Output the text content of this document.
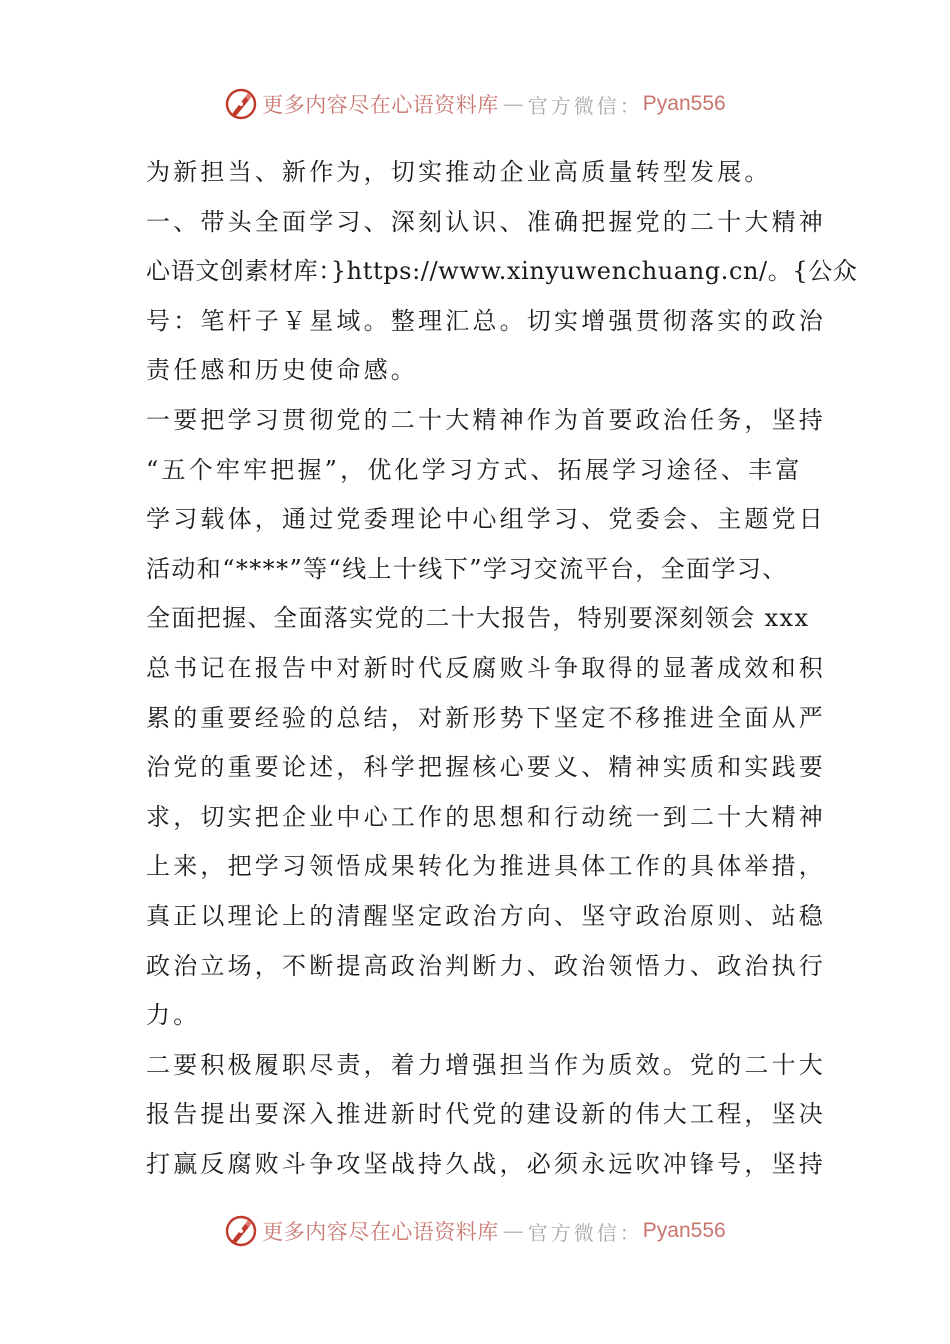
更多内容尽在心语资料库 — 官方微信： Pyan556
为新担当、新作为，切实推动企业高质量转型发展。
一、带头全面学习、深刻认识、准确把握党的二十大精神
心语文创素材库：}https://www.xinyuwenchuang.cn/。{公众
号：笔杆子￥星域。整理汇总。切实增强贯彻落实的政治
责任感和历史使命感。
一要把学习贯彻党的二十大精神作为首要政治任务，坚持
“五个牢牢把握”，优化学习方式、拓展学习途径、丰富
学习载体，通过党委理论中心组学习、党委会、主题党日
活动和“****”等“线上十线下”学习交流平台，全面学习、
全面把握、全面落实党的二十大报告，特别要深刻领会 xxx
总书记在报告中对新时代反腐败斗争取得的显著成效和积
累的重要经验的总结，对新形势下坚定不移推进全面从严
治党的重要论述，科学把握核心要义、精神实质和实践要
求，切实把企业中心工作的思想和行动统一到二十大精神
上来，把学习领悟成果转化为推进具体工作的具体举措，
真正以理论上的清醒坚定政治方向、坚守政治原则、站稳
政治立场，不断提高政治判断力、政治领悟力、政治执行
力。
二要积极履职尽责，着力增强担当作为质效。党的二十大
报告提出要深入推进新时代党的建设新的伟大工程，坚决
打赢反腐败斗争攻坚战持久战，必须永远吹冲锋号，坚持
更多内容尽在心语资料库 — 官方微信： Pyan556
